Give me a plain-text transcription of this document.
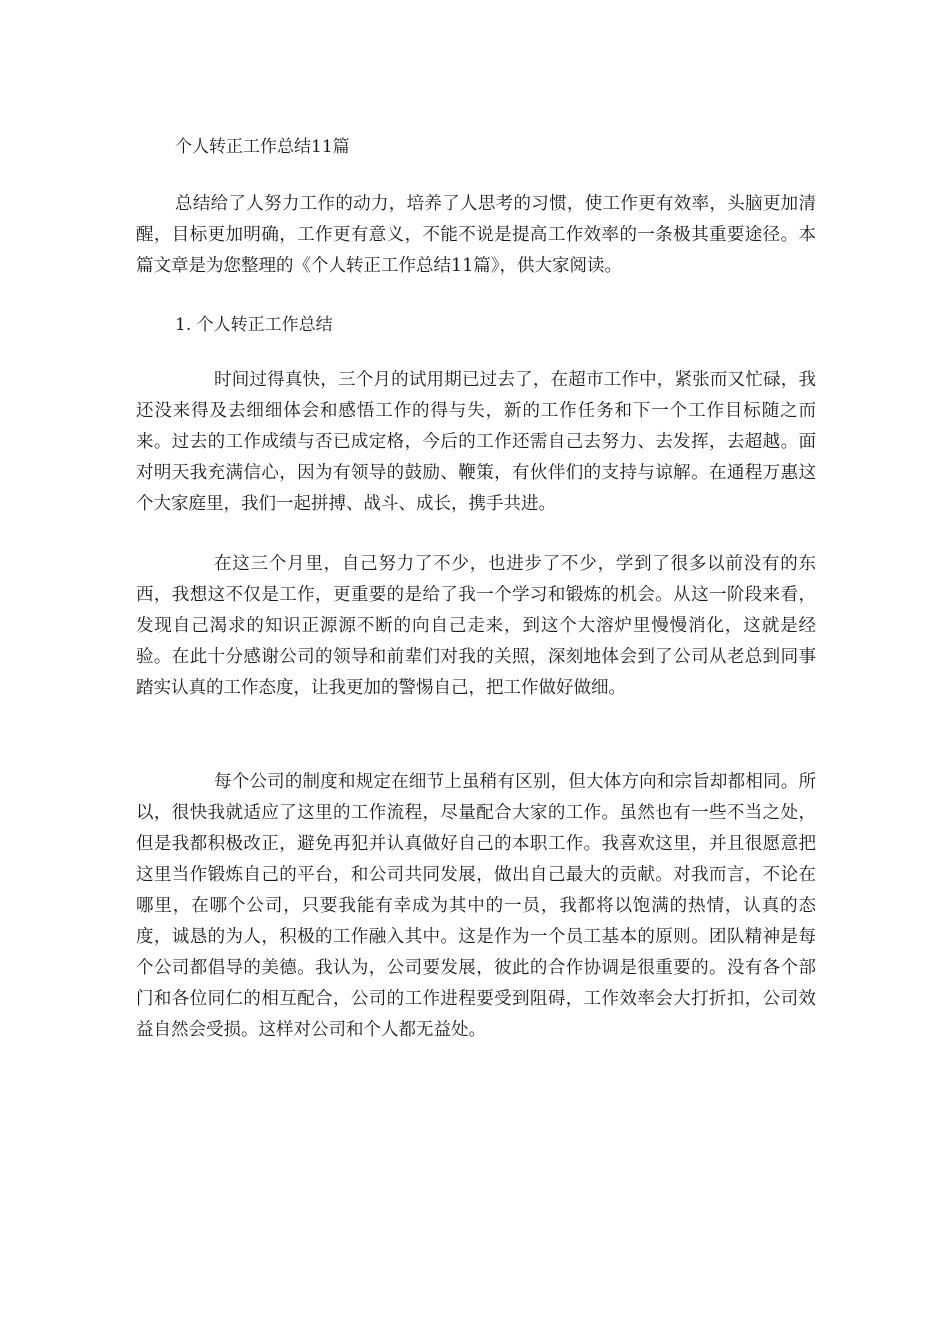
个人转正工作总结11篇

总结给了人努力工作的动力，培养了人思考的习惯，使工作更有效率，头脑更加清醒，目标更加明确，工作更有意义，不能不说是提高工作效率的一条极其重要途径。本篇文章是为您整理的《个人转正工作总结11篇》，供大家阅读。

1. 个人转正工作总结

时间过得真快，三个月的试用期已过去了，在超市工作中，紧张而又忙碌，我还没来得及去细细体会和感悟工作的得与失，新的工作任务和下一个工作目标随之而来。过去的工作成绩与否已成定格，今后的工作还需自己去努力、去发挥，去超越。面对明天我充满信心，因为有领导的鼓励、鞭策，有伙伴们的支持与谅解。在通程万惠这个大家庭里，我们一起拼搏、战斗、成长，携手共进。

在这三个月里，自己努力了不少，也进步了不少，学到了很多以前没有的东西，我想这不仅是工作，更重要的是给了我一个学习和锻炼的机会。从这一阶段来看，发现自己渴求的知识正源源不断的向自己走来，到这个大溶炉里慢慢消化，这就是经验。在此十分感谢公司的领导和前辈们对我的关照，深刻地体会到了公司从老总到同事踏实认真的工作态度，让我更加的警惕自己，把工作做好做细。

每个公司的制度和规定在细节上虽稍有区别，但大体方向和宗旨却都相同。所以，很快我就适应了这里的工作流程，尽量配合大家的工作。虽然也有一些不当之处，但是我都积极改正，避免再犯并认真做好自己的本职工作。我喜欢这里，并且很愿意把这里当作锻炼自己的平台，和公司共同发展，做出自己最大的贡献。对我而言，不论在哪里，在哪个公司，只要我能有幸成为其中的一员，我都将以饱满的热情，认真的态度，诚恳的为人，积极的工作融入其中。这是作为一个员工基本的原则。团队精神是每个公司都倡导的美德。我认为，公司要发展，彼此的合作协调是很重要的。没有各个部门和各位同仁的相互配合，公司的工作进程要受到阻碍，工作效率会大打折扣，公司效益自然会受损。这样对公司和个人都无益处。
